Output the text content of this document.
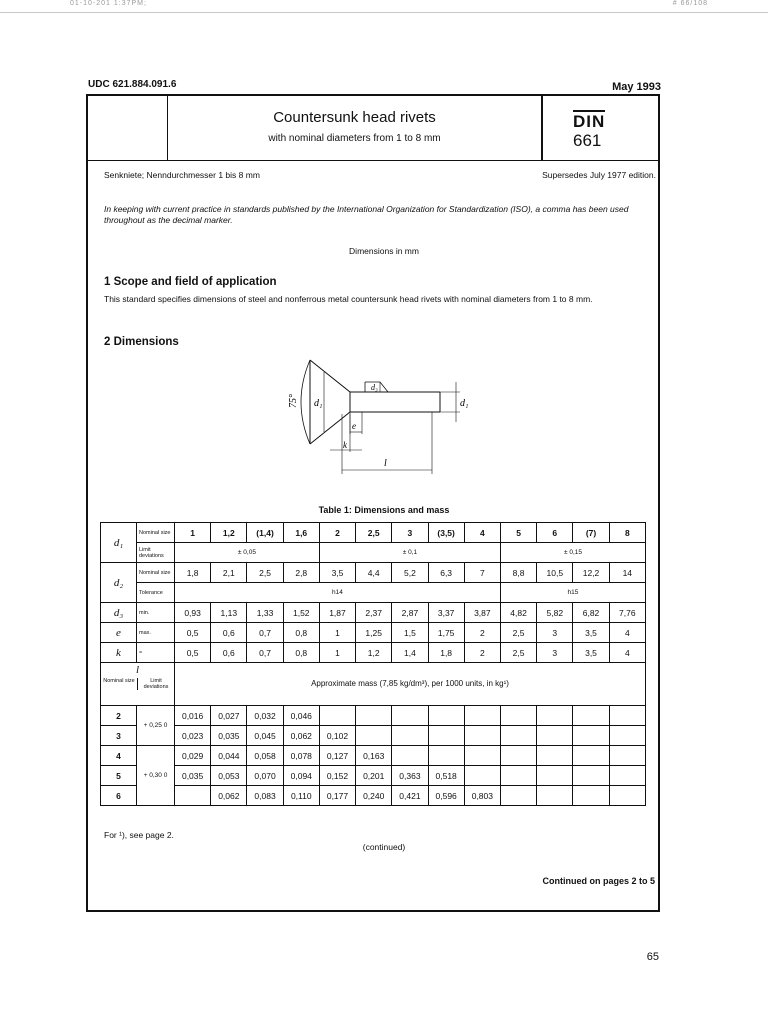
01-10-201 1:37PM;	# 66/108
UDC 621.884.091.6	May 1993
Countersunk head rivets
with nominal diameters from 1 to 8 mm
DIN
661
Senkniete; Nenndurchmesser 1 bis 8 mm	Supersedes July 1977 edition.
In keeping with current practice in standards published by the International Organization for Standardization (ISO), a comma has been used throughout as the decimal marker.
Dimensions in mm
1 Scope and field of application
This standard specifies dimensions of steel and nonferrous metal countersunk head rivets with nominal diameters from 1 to 8 mm.
2 Dimensions
75° d₁
d₃
d₁
e
k
l
Table 1: Dimensions and mass
d₁	Nominal size	1	1,2	(1,4)	1,6	2	2,5	3	(3,5)	4	5	6	(7)	8
	Limit deviations	± 0,05				± 0,1					± 0,15			
d₂	Nominal size	1,8	2,1	2,5	2,8	3,5	4,4	5,2	6,3	7	8,8	10,5	12,2	14
	Tolerance	h14									h15			
d₃	min.	0,93	1,13	1,33	1,52	1,87	2,37	2,87	3,37	3,87	4,82	5,82	6,82	7,76
e	max.	0,5	0,6	0,7	0,8	1	1,25	1,5	1,75	2	2,5	3	3,5	4
k	≈	0,5	0,6	0,7	0,8	1	1,2	1,4	1,8	2	2,5	3	3,5	4

l
Nominal size Limit deviations		Approximate mass (7,85 kg/dm³), per 1000 units, in kg¹)												
2	+ 0,25 0	0,016	0,027	0,032	0,046									
3		0,023	0,035	0,045	0,062	0,102								
4	+ 0,30 0	0,029	0,044	0,058	0,078	0,127	0,163							
5		0,035	0,053	0,070	0,094	0,152	0,201	0,363	0,518					
6			0,062	0,083	0,110	0,177	0,240	0,421	0,596	0,803				
For ¹), see page 2.
(continued)
Continued on pages 2 to 5
65
